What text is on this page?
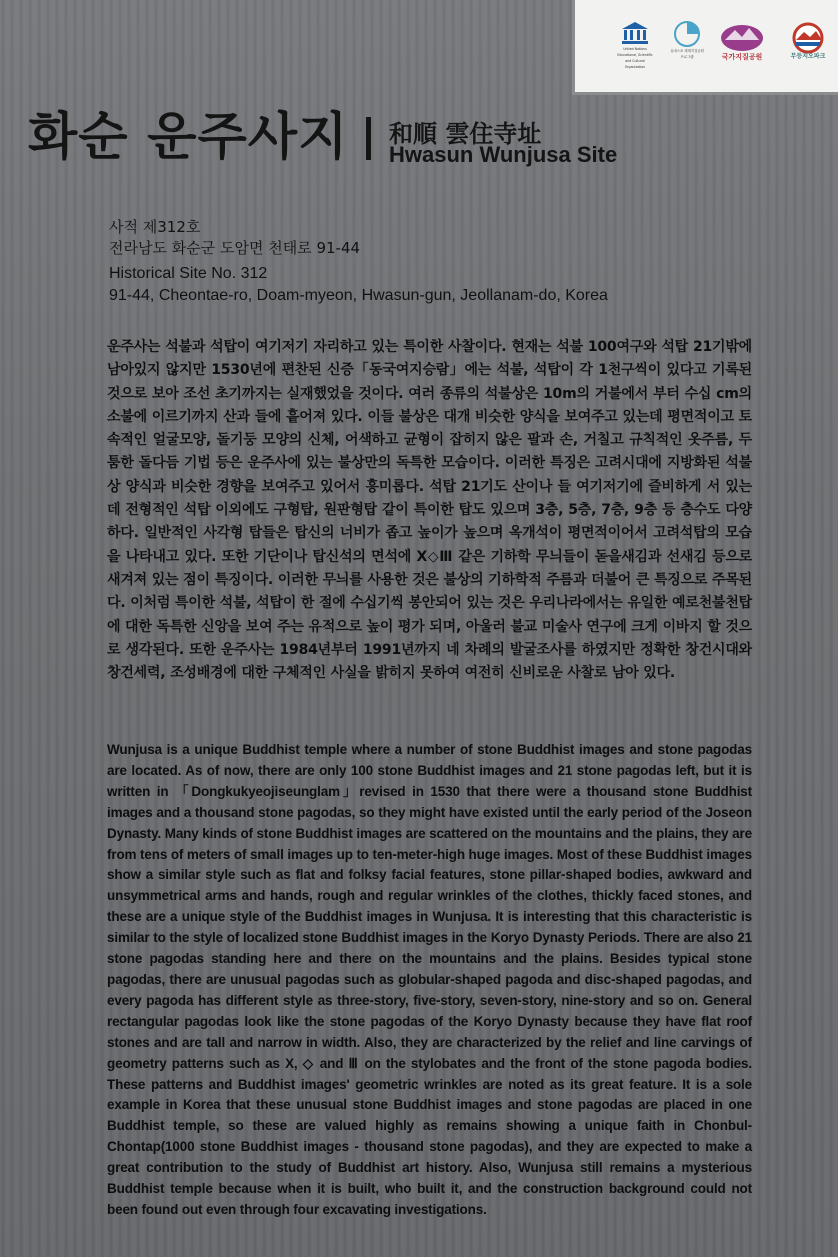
United Nations Educational, Scientific and Cultural Organization
유네스코 세계지질공원 프로그램	국가지질공원	무등지오파크
화순 운주사지 和順 雲住寺址
Hwasun Wunjusa Site
사적 제312호
전라남도 화순군 도암면 천태로 91-44
Historical Site No. 312
91-44, Cheontae-ro, Doam-myeon, Hwasun-gun, Jeollanam-do, Korea

운주사는 석불과 석탑이 여기저기 자리하고 있는 특이한 사찰이다. 현재는 석불 100여구와 석탑 21기밖에 남아있지 않지만 1530년에 편찬된 신증「동국여지승람」에는 석불, 석탑이 각 1천구씩이 있다고 기록된 것으로 보아 조선 초기까지는 실재했었을 것이다. 여러 종류의 석불상은 10m의 거불에서 부터 수십 cm의 소불에 이르기까지 산과 들에 흩어져 있다. 이들 불상은 대개 비슷한 양식을 보여주고 있는데 평면적이고 토속적인 얼굴모양, 돌기둥 모양의 신체, 어색하고 균형이 잡히지 않은 팔과 손, 거칠고 규칙적인 옷주름, 두툼한 돌다듬 기법 등은 운주사에 있는 불상만의 독특한 모습이다. 이러한 특징은 고려시대에 지방화된 석불상 양식과 비슷한 경향을 보여주고 있어서 흥미롭다. 석탑 21기도 산이나 들 여기저기에 즐비하게 서 있는데 전형적인 석탑 이외에도 구형탑, 원판형탑 같이 특이한 탑도 있으며 3층, 5층, 7층, 9층 등 층수도 다양하다. 일반적인 사각형 탑들은 탑신의 너비가 좁고 높이가 높으며 옥개석이 평면적이어서 고려석탑의 모습을 나타내고 있다. 또한 기단이나 탑신석의 면석에 X◇Ⅲ 같은 기하학 무늬들이 돋을새김과 선새김 등으로 새겨져 있는 점이 특징이다. 이러한 무늬를 사용한 것은 불상의 기하학적 주름과 더불어 큰 특징으로 주목된다. 이처럼 특이한 석불, 석탑이 한 절에 수십기씩 봉안되어 있는 것은 우리나라에서는 유일한 예로천불천탑에 대한 독특한 신앙을 보여 주는 유적으로 높이 평가 되며, 아울러 불교 미술사 연구에 크게 이바지 할 것으로 생각된다. 또한 운주사는 1984년부터 1991년까지 네 차례의 발굴조사를 하였지만 정확한 창건시대와 창건세력, 조성배경에 대한 구체적인 사실을 밝히지 못하여 여전히 신비로운 사찰로 남아 있다.

Wunjusa is a unique Buddhist temple where a number of stone Buddhist images and stone pagodas are located. As of now, there are only 100 stone Buddhist images and 21 stone pagodas left, but it is written in 「Dongkukyeojiseunglam」revised in 1530 that there were a thousand stone Buddhist images and a thousand stone pagodas, so they might have existed until the early period of the Joseon Dynasty. Many kinds of stone Buddhist images are scattered on the mountains and the plains, they are from tens of meters of small images up to ten-meter-high huge images. Most of these Buddhist images show a similar style such as flat and folksy facial features, stone pillar-shaped bodies, awkward and unsymmetrical arms and hands, rough and regular wrinkles of the clothes, thickly faced stones, and these are a unique style of the Buddhist images in Wunjusa. It is interesting that this characteristic is similar to the style of localized stone Buddhist images in the Koryo Dynasty Periods. There are also 21 stone pagodas standing here and there on the mountains and the plains. Besides typical stone pagodas, there are unusual pagodas such as globular-shaped pagoda and disc-shaped pagodas, and every pagoda has different style as three-story, five-story, seven-story, nine-story and so on. General rectangular pagodas look like the stone pagodas of the Koryo Dynasty because they have flat roof stones and are tall and narrow in width. Also, they are characterized by the relief and line carvings of geometry patterns such as X, ◇ and Ⅲ on the stylobates and the front of the stone pagoda bodies. These patterns and Buddhist images' geometric wrinkles are noted as its great feature. It is a sole example in Korea that these unusual stone Buddhist images and stone pagodas are placed in one Buddhist temple, so these are valued highly as remains showing a unique faith in Chonbul-Chontap(1000 stone Buddhist images - thousand stone pagodas), and they are expected to make a great contribution to the study of Buddhist art history. Also, Wunjusa still remains a mysterious Buddhist temple because when it is built, who built it, and the construction background could not been found out even through four excavating investigations.
